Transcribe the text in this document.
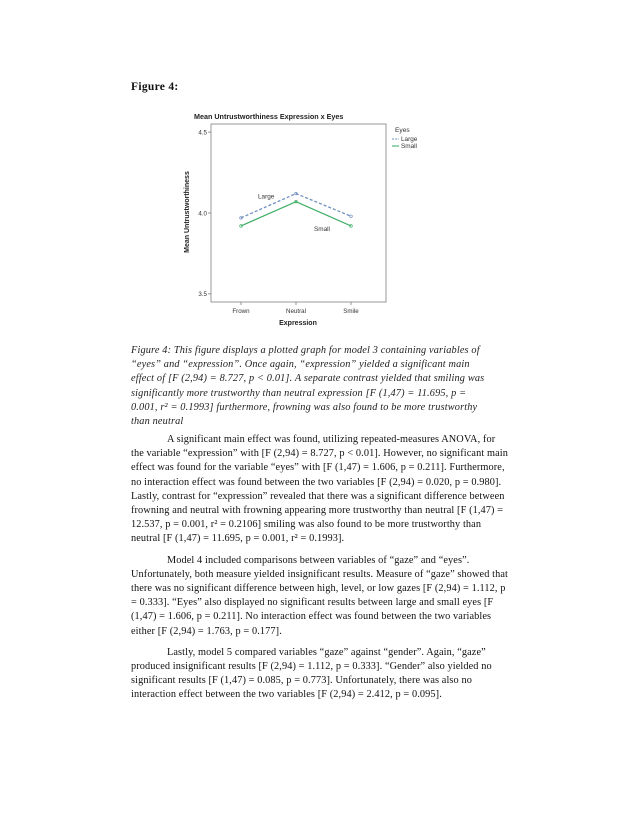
Figure 4:
Mean Untrustworthiness Expression x Eyes
3.5
4.0
4.5
Frown	Neutral	Smile
Mean Untrustworthiness
Expression
Large
Small
Eyes
Large
Small
Figure 4: This figure displays a plotted graph for model 3 containing variables of
“eyes” and “expression”. Once again, “expression” yielded a significant main
effect of [F (2,94) = 8.727, p < 0.01]. A separate contrast yielded that smiling was
significantly more trustworthy than neutral expression [F (1,47) = 11.695, p =
0.001, r² = 0.1993] furthermore, frowning was also found to be more trustworthy
than neutral

A significant main effect was found, utilizing repeated-measures ANOVA, for the variable “expression” with [F (2,94) = 8.727, p < 0.01]. However, no significant main effect was found for the variable “eyes” with [F (1,47) = 1.606, p = 0.211]. Furthermore, no interaction effect was found between the two variables [F (2,94) = 0.020, p = 0.980]. Lastly, contrast for “expression” revealed that there was a significant difference between frowning and neutral with frowning appearing more trustworthy than neutral [F (1,47) = 12.537, p = 0.001, r² = 0.2106] smiling was also found to be more trustworthy than neutral [F (1,47) = 11.695, p = 0.001, r² = 0.1993].

Model 4 included comparisons between variables of “gaze” and “eyes”. Unfortunately, both measure yielded insignificant results. Measure of “gaze” showed that there was no significant difference between high, level, or low gazes [F (2,94) = 1.112, p = 0.333]. “Eyes” also displayed no significant results between large and small eyes [F (1,47) = 1.606, p = 0.211]. No interaction effect was found between the two variables either [F (2,94) = 1.763, p = 0.177].

Lastly, model 5 compared variables “gaze” against “gender”. Again, “gaze” produced insignificant results [F (2,94) = 1.112, p = 0.333]. “Gender” also yielded no significant results [F (1,47) = 0.085, p = 0.773]. Unfortunately, there was also no interaction effect between the two variables [F (2,94) = 2.412, p = 0.095].
